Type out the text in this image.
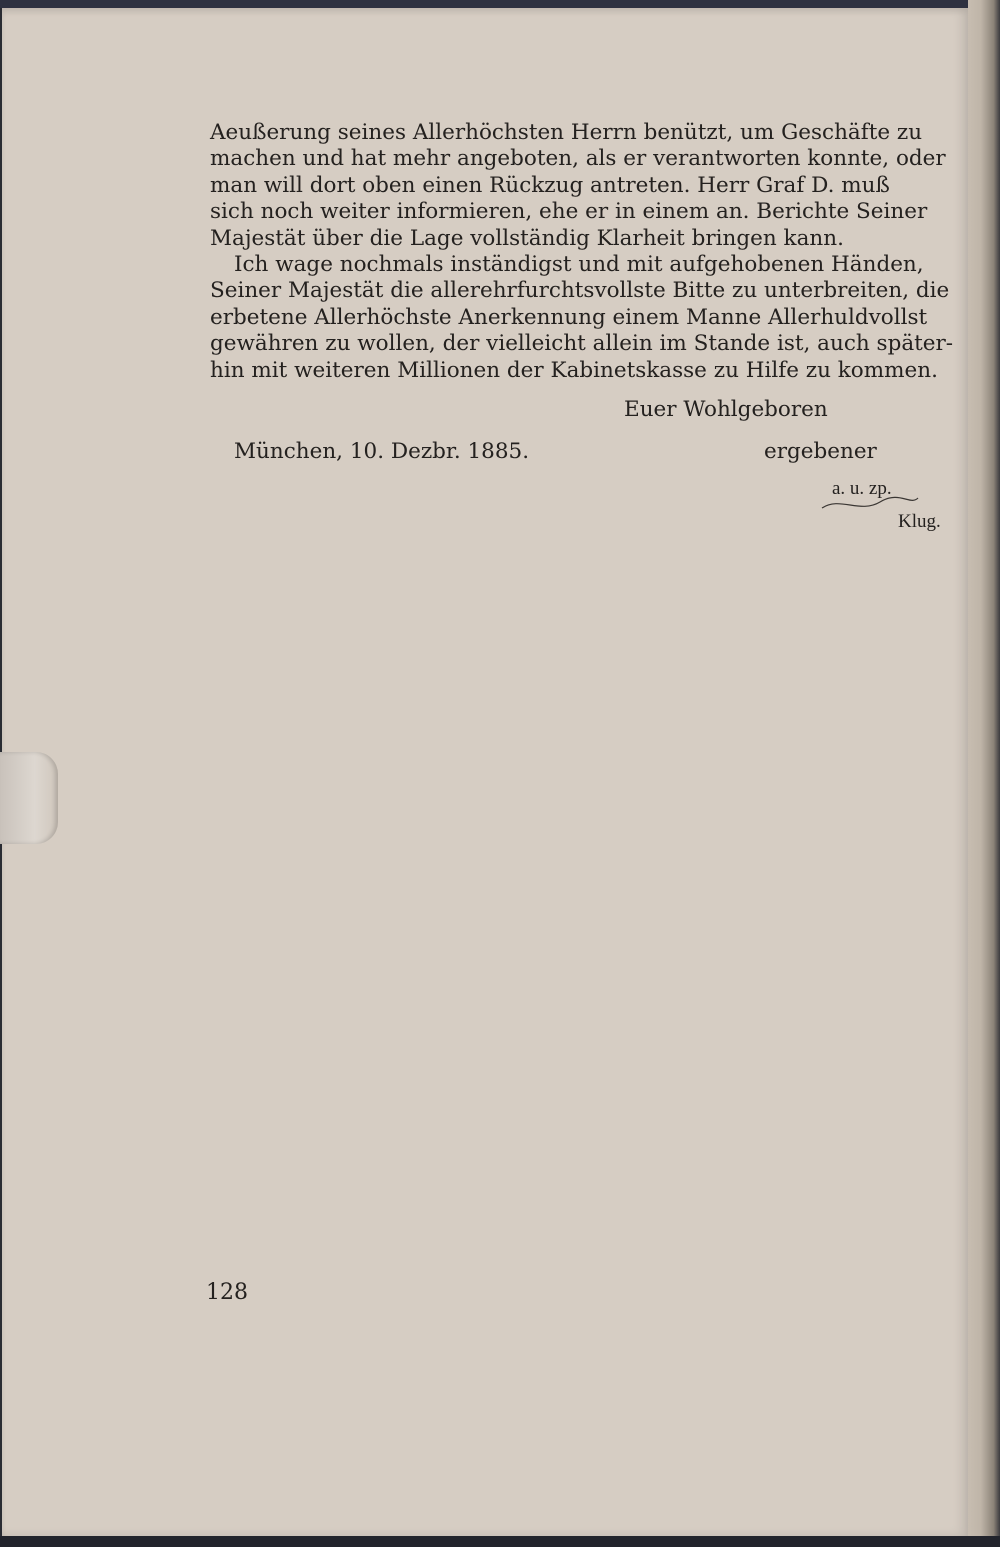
Aeußerung seines Allerhöchsten Herrn benützt, um Geschäfte zu
machen und hat mehr angeboten, als er verantworten konnte, oder
man will dort oben einen Rückzug antreten. Herr Graf D. muß
sich noch weiter informieren, ehe er in einem an. Berichte Seiner
Majestät über die Lage vollständig Klarheit bringen kann.
Ich wage nochmals inständigst und mit aufgehobenen Händen,
Seiner Majestät die allerehrfurchtsvollste Bitte zu unterbreiten, die
erbetene Allerhöchste Anerkennung einem Manne Allerhuldvollst
gewähren zu wollen, der vielleicht allein im Stande ist, auch später-
hin mit weiteren Millionen der Kabinetskasse zu Hilfe zu kommen.
Euer Wohlgeboren
München, 10. Dezbr. 1885.	ergebener
a. u. zp.
Klug.
128
